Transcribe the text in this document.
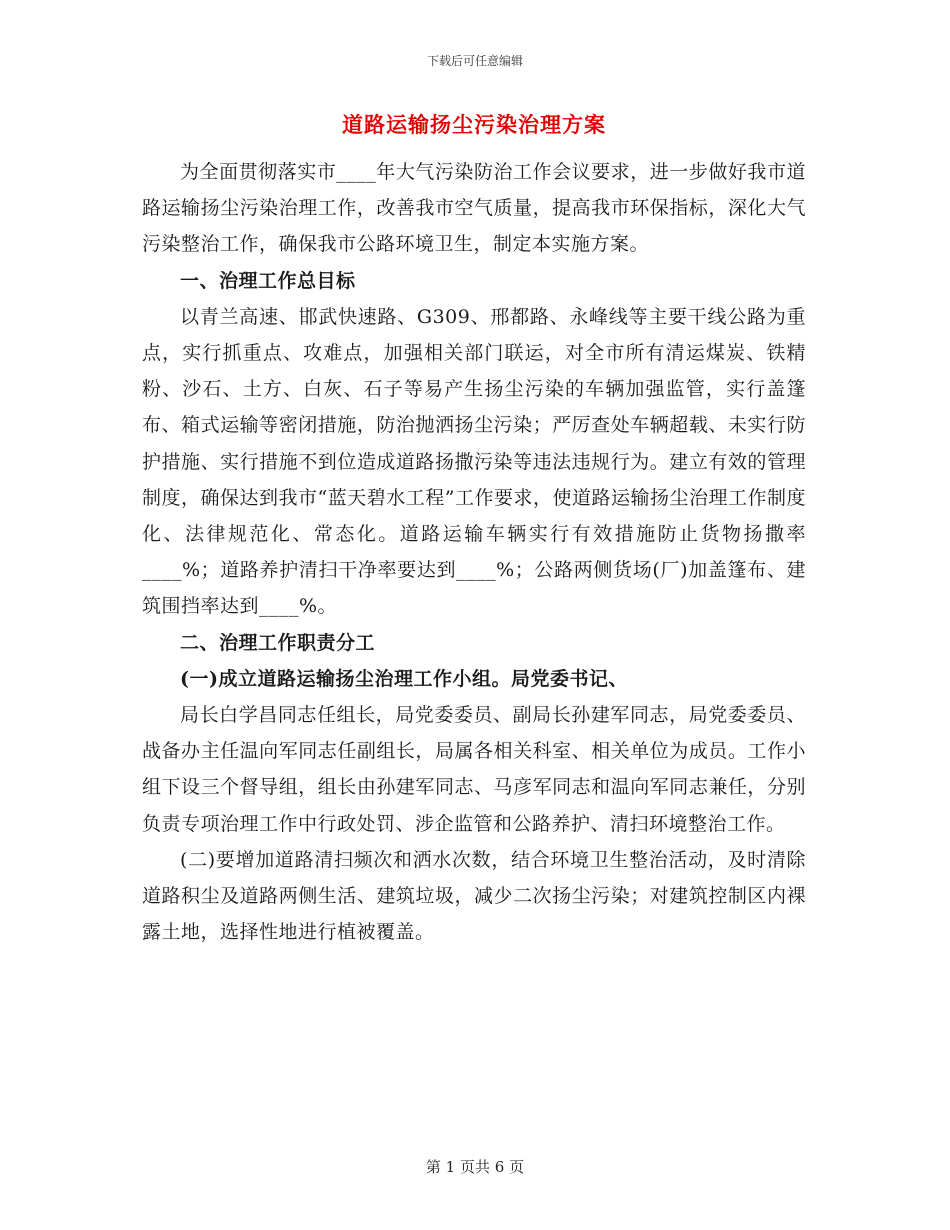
下载后可任意编辑
道路运输扬尘污染治理方案

为全面贯彻落实市____年大气污染防治工作会议要求，进一步做好我市道路运输扬尘污染治理工作，改善我市空气质量，提高我市环保指标，深化大气污染整治工作，确保我市公路环境卫生，制定本实施方案。

一、治理工作总目标

以青兰高速、邯武快速路、G309、邢都路、永峰线等主要干线公路为重点，实行抓重点、攻难点，加强相关部门联运，对全市所有清运煤炭、铁精粉、沙石、土方、白灰、石子等易产生扬尘污染的车辆加强监管，实行盖篷布、箱式运输等密闭措施，防治抛洒扬尘污染；严厉查处车辆超载、未实行防护措施、实行措施不到位造成道路扬撒污染等违法违规行为。建立有效的管理制度，确保达到我市“蓝天碧水工程”工作要求，使道路运输扬尘治理工作制度化、法律规范化、常态化。道路运输车辆实行有效措施防止货物扬撒率____%；道路养护清扫干净率要达到____%；公路两侧货场(厂)加盖篷布、建筑围挡率达到____%。

二、治理工作职责分工

(一)成立道路运输扬尘治理工作小组。局党委书记、

局长白学昌同志任组长，局党委委员、副局长孙建军同志，局党委委员、战备办主任温向军同志任副组长，局属各相关科室、相关单位为成员。工作小组下设三个督导组，组长由孙建军同志、马彦军同志和温向军同志兼任，分别负责专项治理工作中行政处罚、涉企监管和公路养护、清扫环境整治工作。

(二)要增加道路清扫频次和洒水次数，结合环境卫生整治活动，及时清除道路积尘及道路两侧生活、建筑垃圾，减少二次扬尘污染；对建筑控制区内裸露土地，选择性地进行植被覆盖。

第 1 页共 6 页
